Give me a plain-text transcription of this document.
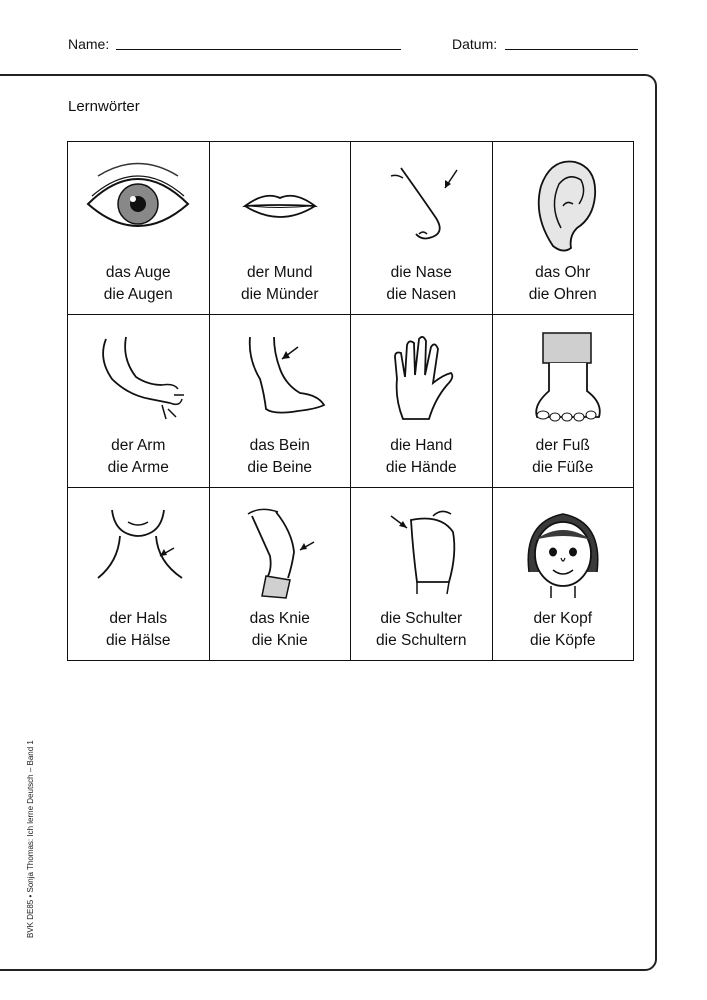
Name:	Datum:
Lernwörter
das Auge
die Augen
der Mund
die Münder
die Nase
die Nasen
das Ohr
die Ohren
der Arm
die Arme
das Bein
die Beine
die Hand
die Hände
der Fuß
die Füße
der Hals
die Hälse
das Knie
die Knie
die Schulter
die Schultern
der Kopf
die Köpfe
BVK DE85 • Sonja Thomas: Ich lerne Deutsch – Band 1
